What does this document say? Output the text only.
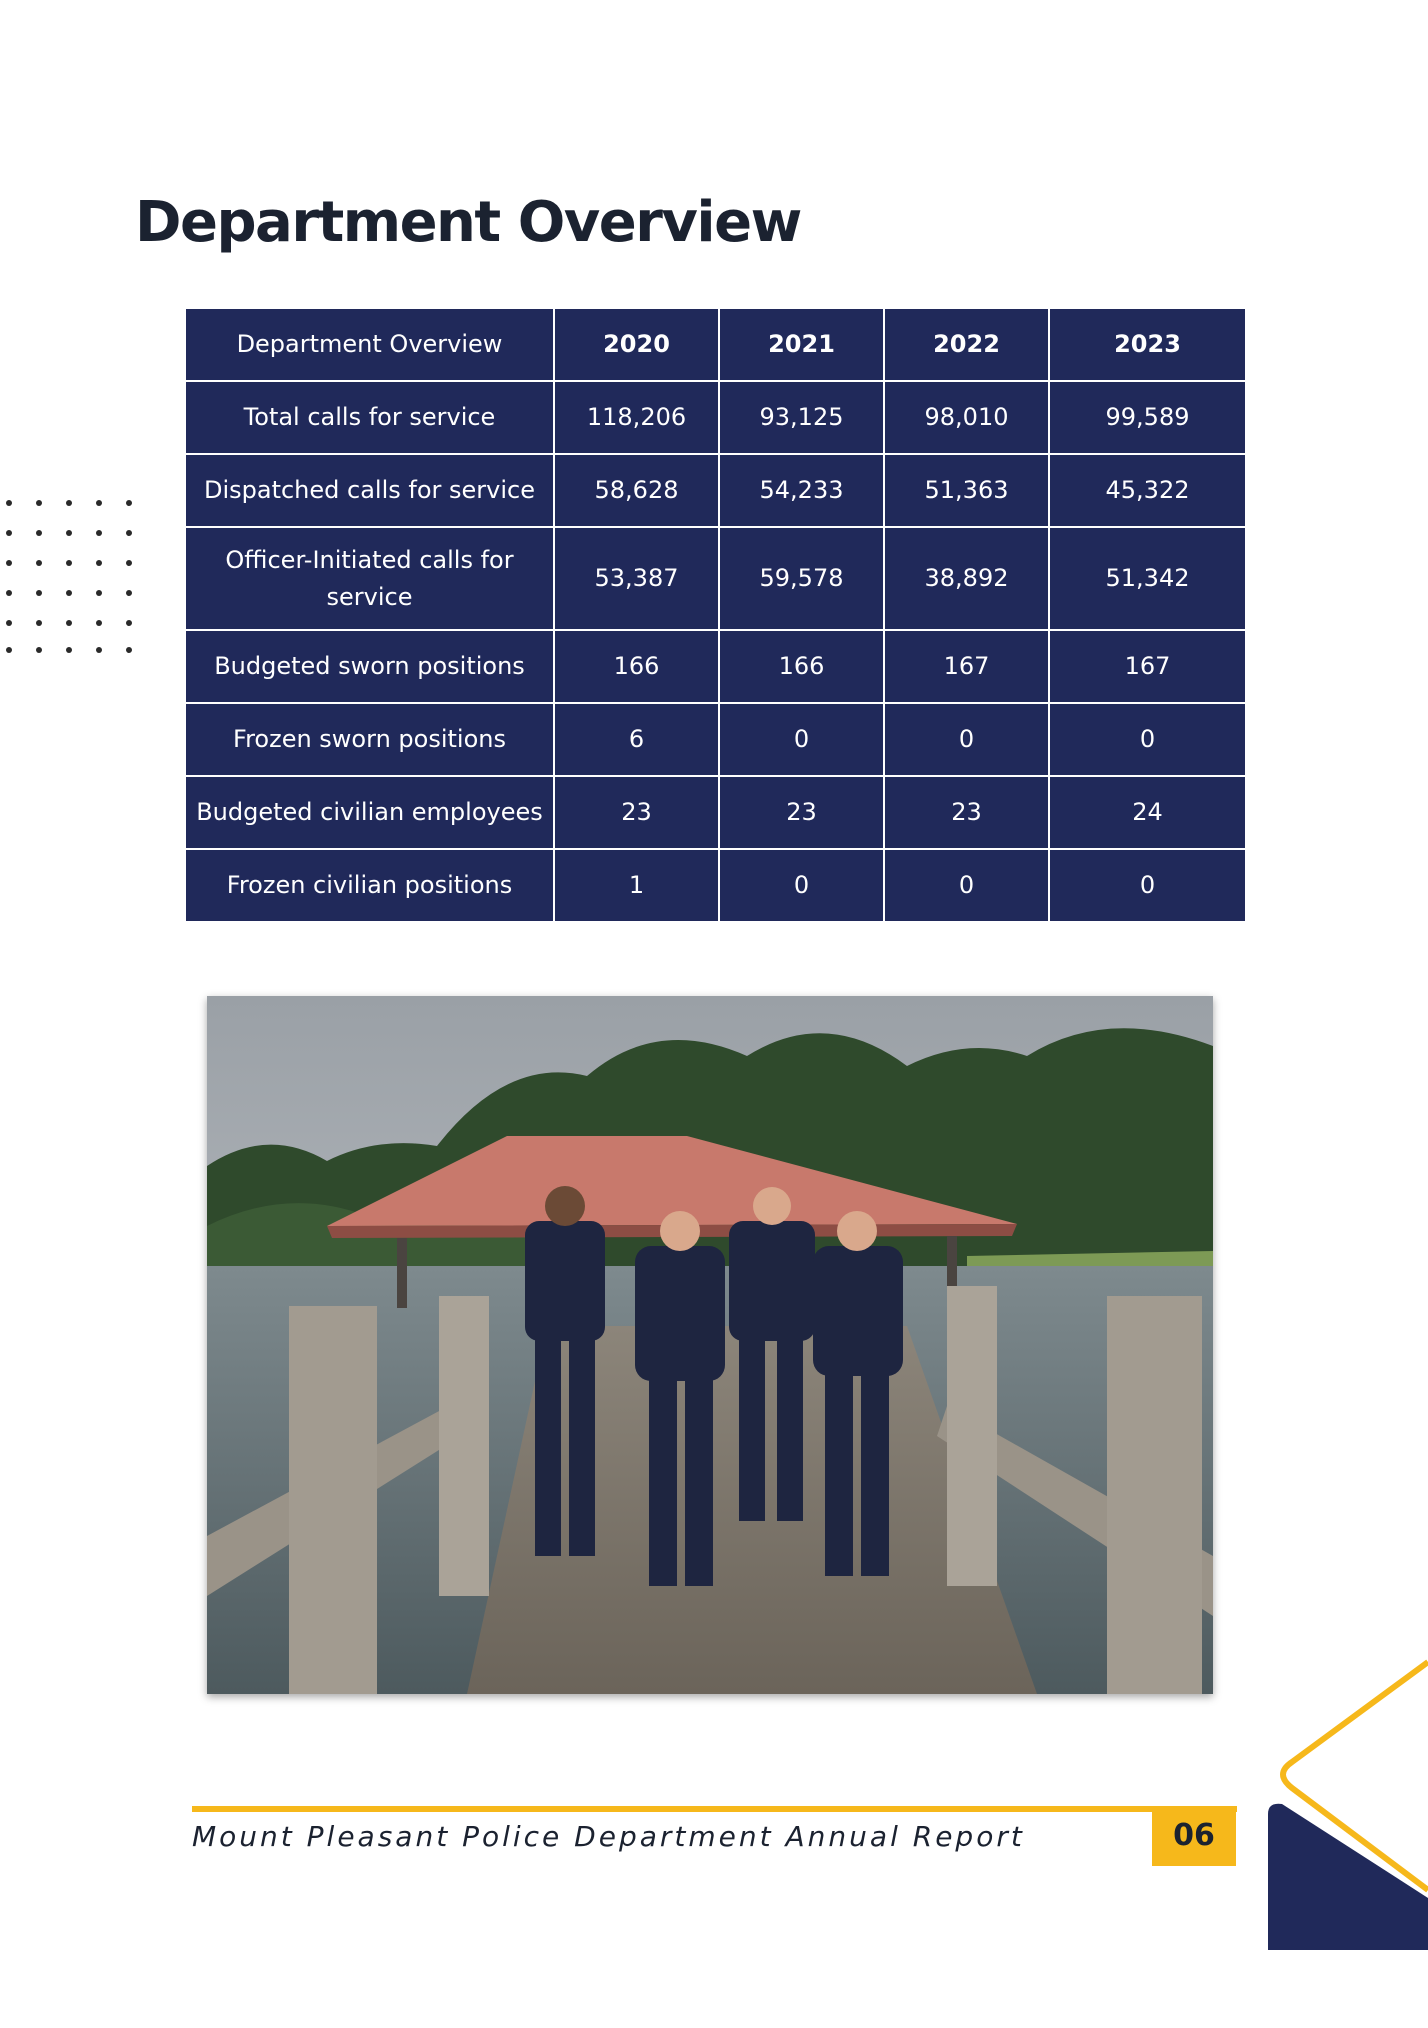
Department Overview
Department Overview	2020	2021	2022	2023
Total calls for service	118,206	93,125	98,010	99,589
Dispatched calls for service	58,628	54,233	51,363	45,322
Officer-Initiated calls for service	53,387	59,578	38,892	51,342
Budgeted sworn positions	166	166	167	167
Frozen sworn positions	6	0	0	0
Budgeted civilian employees	23	23	23	24
Frozen civilian positions	1	0	0	0

Mount Pleasant Police Department Annual Report	06
